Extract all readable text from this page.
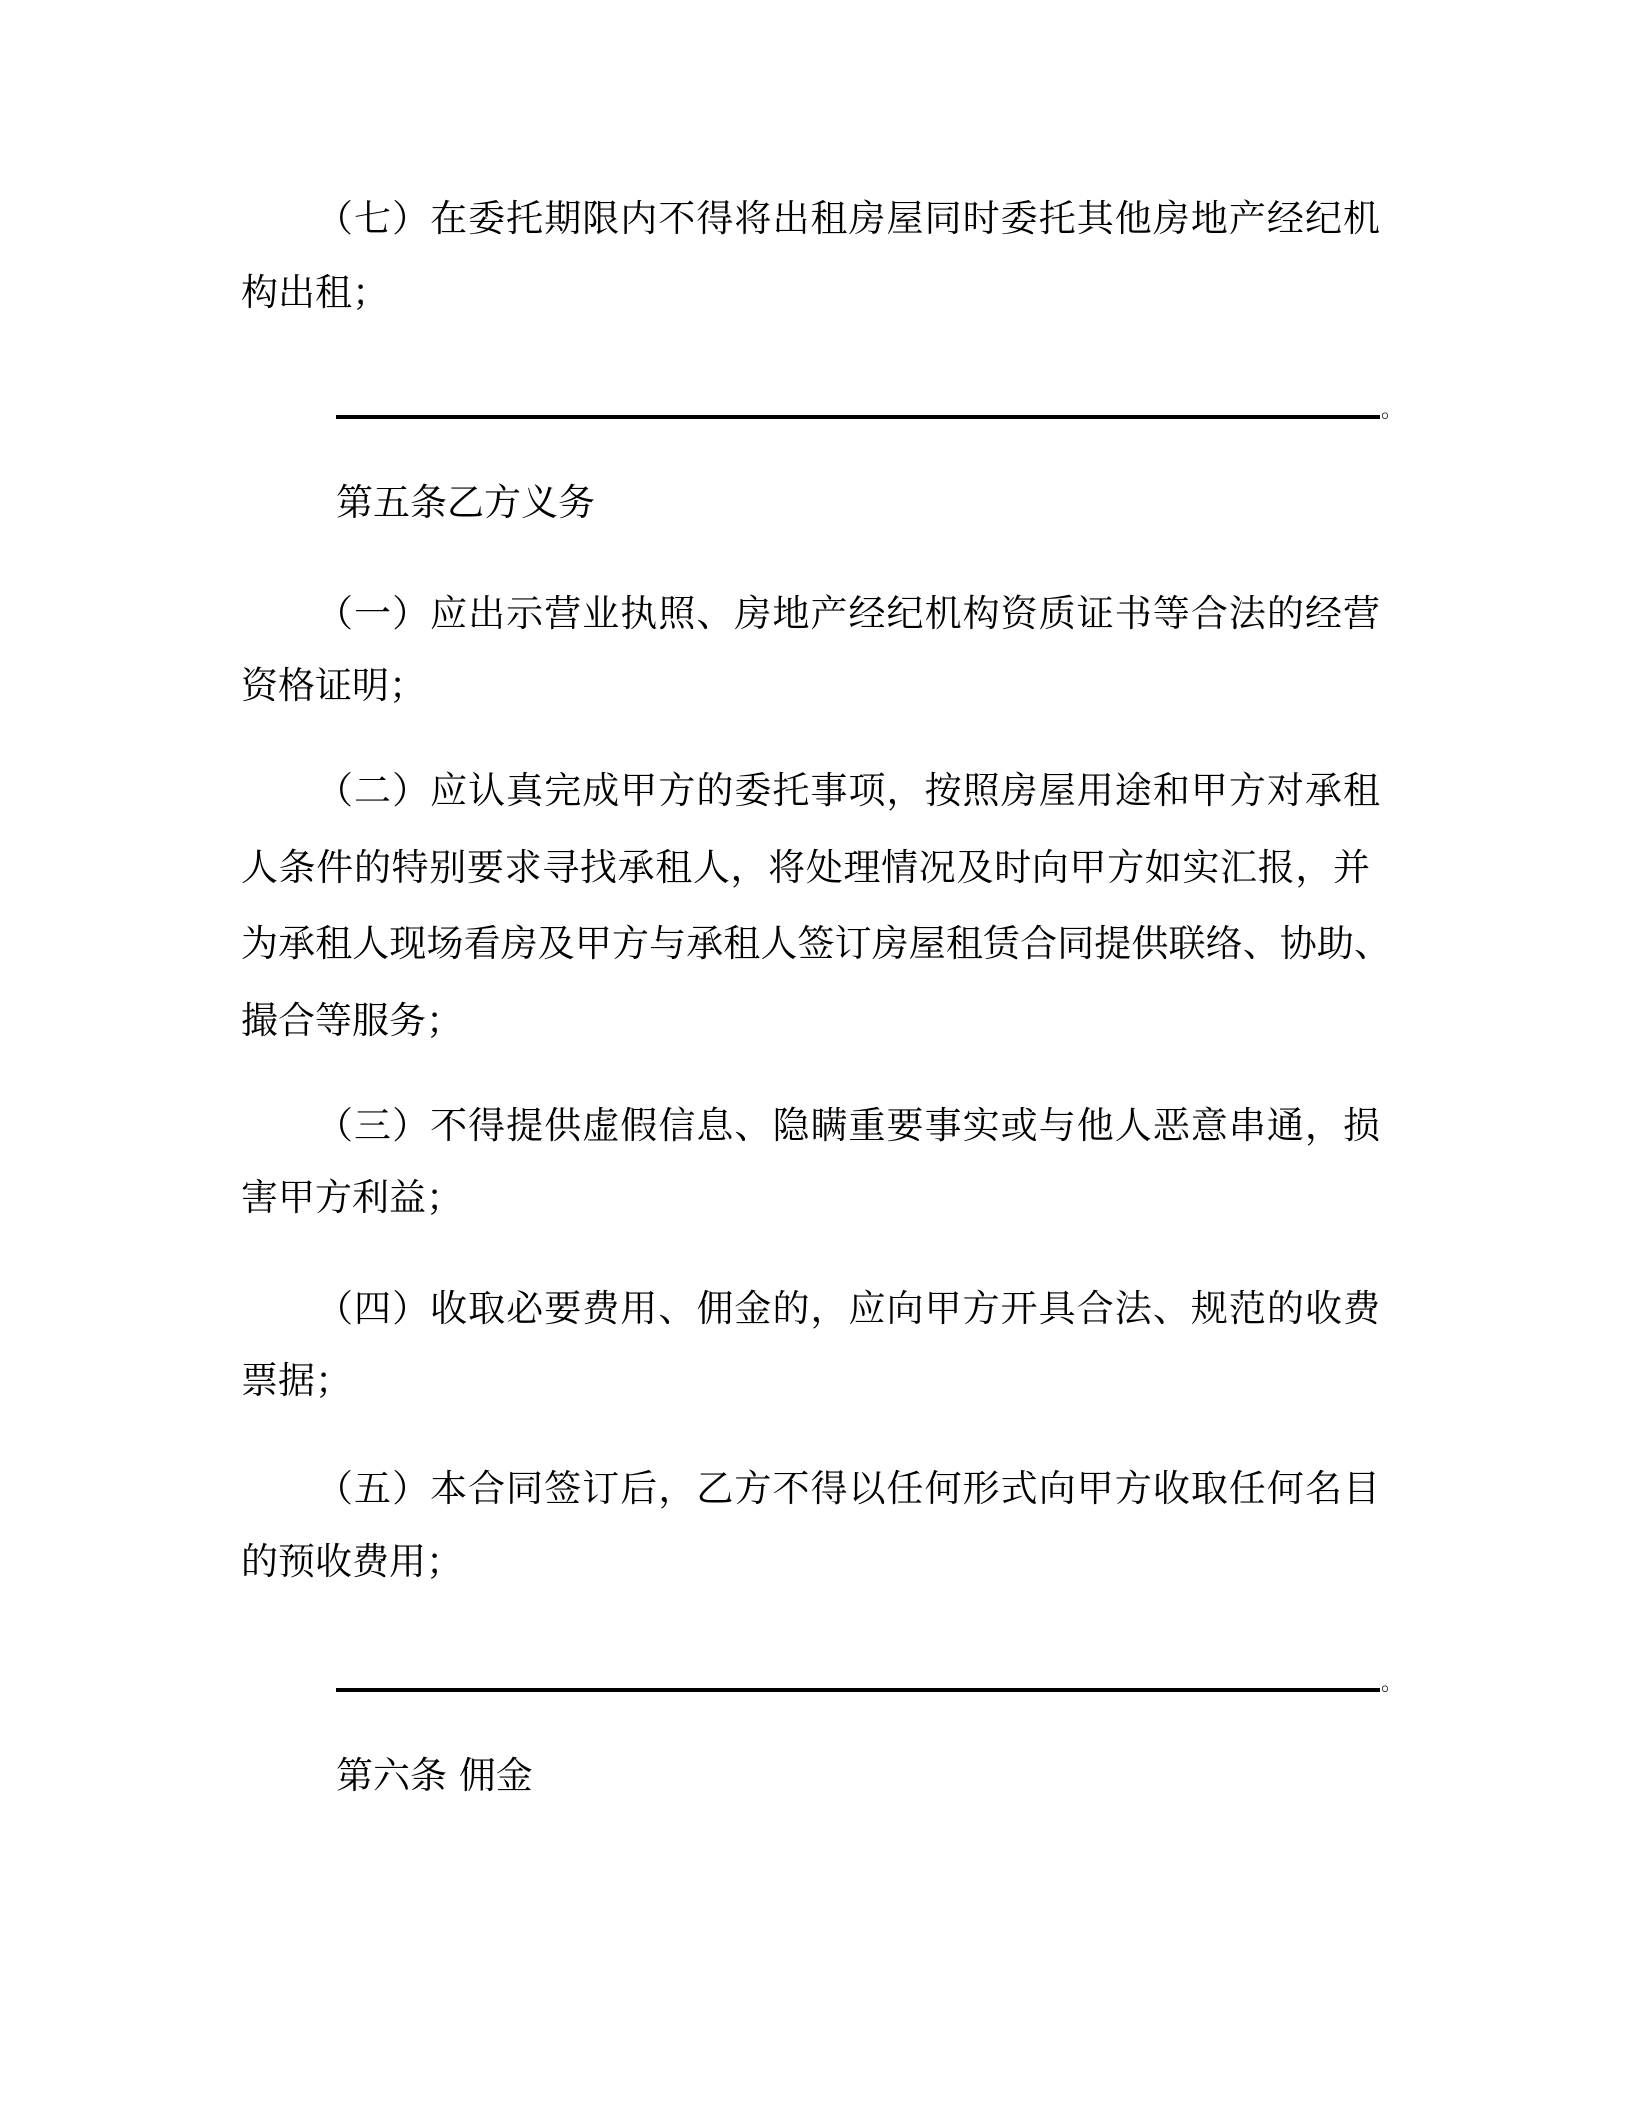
（七）在委托期限内不得将出租房屋同时委托其他房地产经纪机
构出租；
。
第五条乙方义务
（一）应出示营业执照、房地产经纪机构资质证书等合法的经营
资格证明；
（二）应认真完成甲方的委托事项，按照房屋用途和甲方对承租
人条件的特别要求寻找承租人，将处理情况及时向甲方如实汇报，并
为承租人现场看房及甲方与承租人签订房屋租赁合同提供联络、协助、
撮合等服务；
（三）不得提供虚假信息、隐瞒重要事实或与他人恶意串通，损
害甲方利益；
（四）收取必要费用、佣金的，应向甲方开具合法、规范的收费
票据；
（五）本合同签订后，乙方不得以任何形式向甲方收取任何名目
的预收费用；
。
第六条 佣金
